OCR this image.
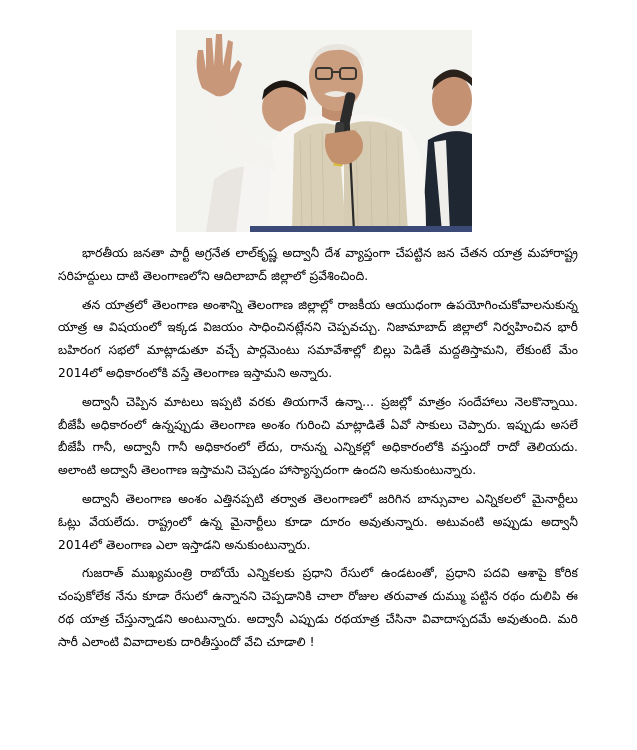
భారతీయ జనతా పార్టీ అగ్రనేత లాల్‌కృష్ణ అద్వానీ దేశ వ్యాప్తంగా చేపట్టిన జన చేతన యాత్ర మహారాష్ట్ర సరిహద్దులు దాటి తెలంగాణలోని ఆదిలాబాద్ జిల్లాలో ప్రవేశించింది.

తన యాత్రలో తెలంగాణ అంశాన్ని తెలంగాణ జిల్లాల్లో రాజకీయ ఆయుధంగా ఉపయోగించుకోవాలనుకున్న యాత్ర ఆ విషయంలో ఇక్కడ విజయం సాధించినట్లేనని చెప్పవచ్చు. నిజామాబాద్ జిల్లాలో నిర్వహించిన భారీ బహిరంగ సభలో మాట్లాడుతూ వచ్చే పార్లమెంటు సమావేశాల్లో బిల్లు పెడితే మద్దతిస్తామని, లేకుంటే మేం 2014లో అధికారంలోకి వస్తే తెలంగాణ ఇస్తామని అన్నారు.

అద్వానీ చెప్పిన మాటలు ఇప్పటి వరకు తియగానే ఉన్నా... ప్రజల్లో మాత్రం సందేహాలు నెలకొన్నాయి. బీజేపీ అధికారంలో ఉన్నప్పుడు తెలంగాణ అంశం గురించి మాట్లాడితే ఏవో సాకులు చెప్పారు. ఇప్పుడు అసలే బీజేపీ గానీ, అద్వానీ గానీ అధికారంలో లేదు, రానున్న ఎన్నికల్లో అధికారంలోకి వస్తుందో రాదో తెలియదు. అలాంటి అద్వానీ తెలంగాణ ఇస్తామని చెప్పడం హాస్యాస్పదంగా ఉందని అనుకుంటున్నారు.

అద్వానీ తెలంగాణ అంశం ఎత్తినప్పటి తర్వాత తెలంగాణలో జరిగిన బాన్సువాల ఎన్నికలలో మైనార్టీలు ఓట్లు వేయలేదు. రాష్ట్రంలో ఉన్న మైనార్టీలు కూడా దూరం అవుతున్నారు. అటువంటి అప్పుడు అద్వానీ 2014లో తెలంగాణ ఎలా ఇస్తాడని అనుకుంటున్నారు.

గుజరాత్ ముఖ్యమంత్రి రాబోయే ఎన్నికలకు ప్రధాని రేసులో ఉండటంతో, ప్రధాని పదవి ఆశాపై కోరిక చంపుకోలేక నేను కూడా రేసులో ఉన్నానని చెప్పడానికి చాలా రోజుల తరువాత దుమ్ము పట్టిన రథం దులిపి ఈ రథ యాత్ర చేస్తున్నాడని అంటున్నారు. అద్వానీ ఎప్పుడు రథయాత్ర చేసినా వివాదాస్పదమే అవుతుంది. మరి సారీ ఎలాంటి వివాదాలకు దారితీస్తుందో వేచి చూడాలి !
